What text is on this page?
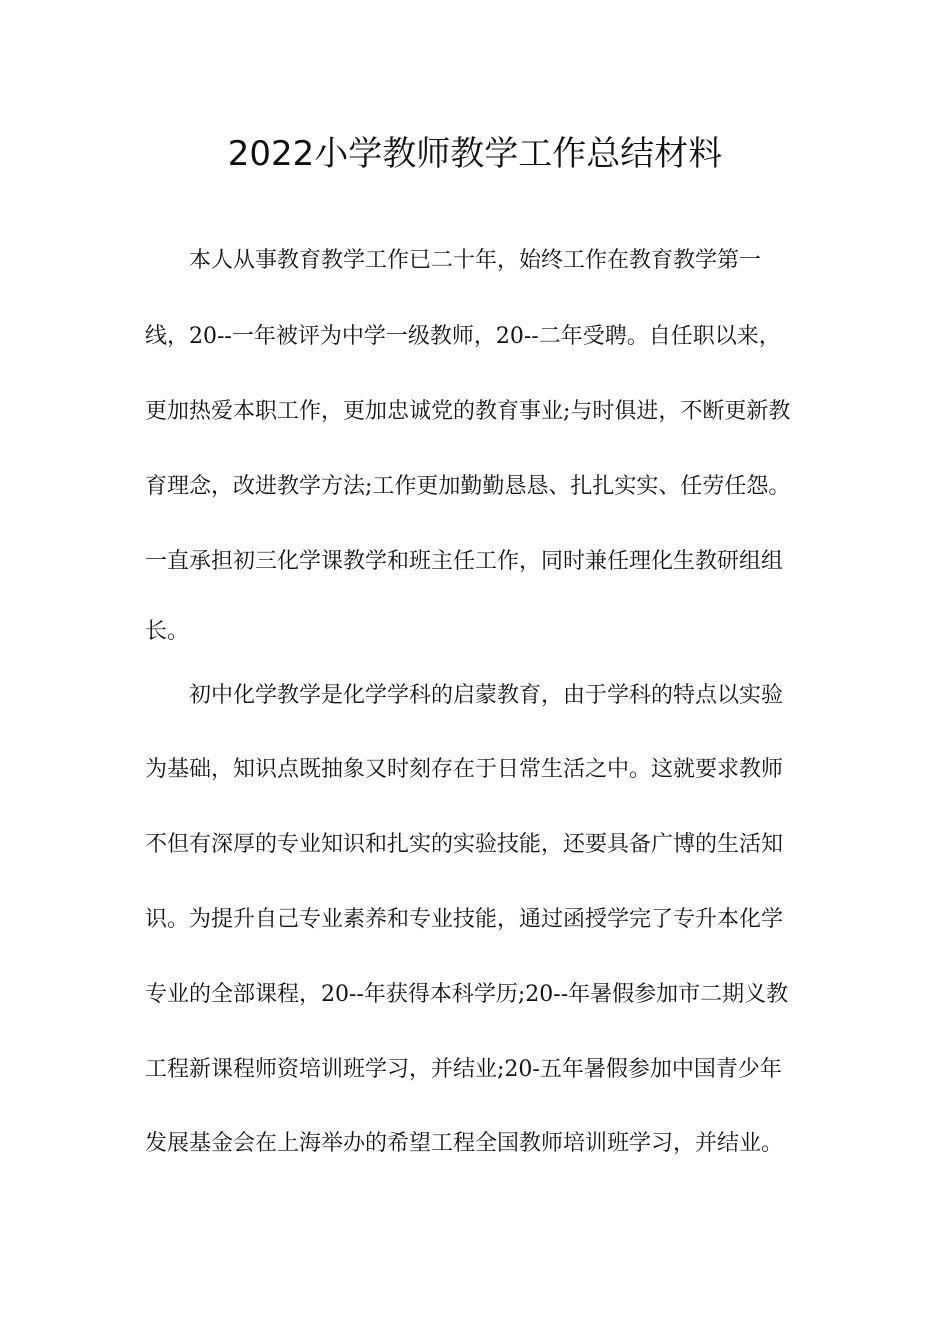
2022小学教师教学工作总结材料

本人从事教育教学工作已二十年，始终工作在教育教学第一

线，20--一年被评为中学一级教师，20--二年受聘。自任职以来，

更加热爱本职工作，更加忠诚党的教育事业;与时俱进，不断更新教

育理念，改进教学方法;工作更加勤勤恳恳、扎扎实实、任劳任怨。

一直承担初三化学课教学和班主任工作，同时兼任理化生教研组组

长。

初中化学教学是化学学科的启蒙教育，由于学科的特点以实验

为基础，知识点既抽象又时刻存在于日常生活之中。这就要求教师

不但有深厚的专业知识和扎实的实验技能，还要具备广博的生活知

识。为提升自己专业素养和专业技能，通过函授学完了专升本化学

专业的全部课程，20--年获得本科学历;20--年暑假参加市二期义教

工程新课程师资培训班学习，并结业;20-五年暑假参加中国青少年

发展基金会在上海举办的希望工程全国教师培训班学习，并结业。
